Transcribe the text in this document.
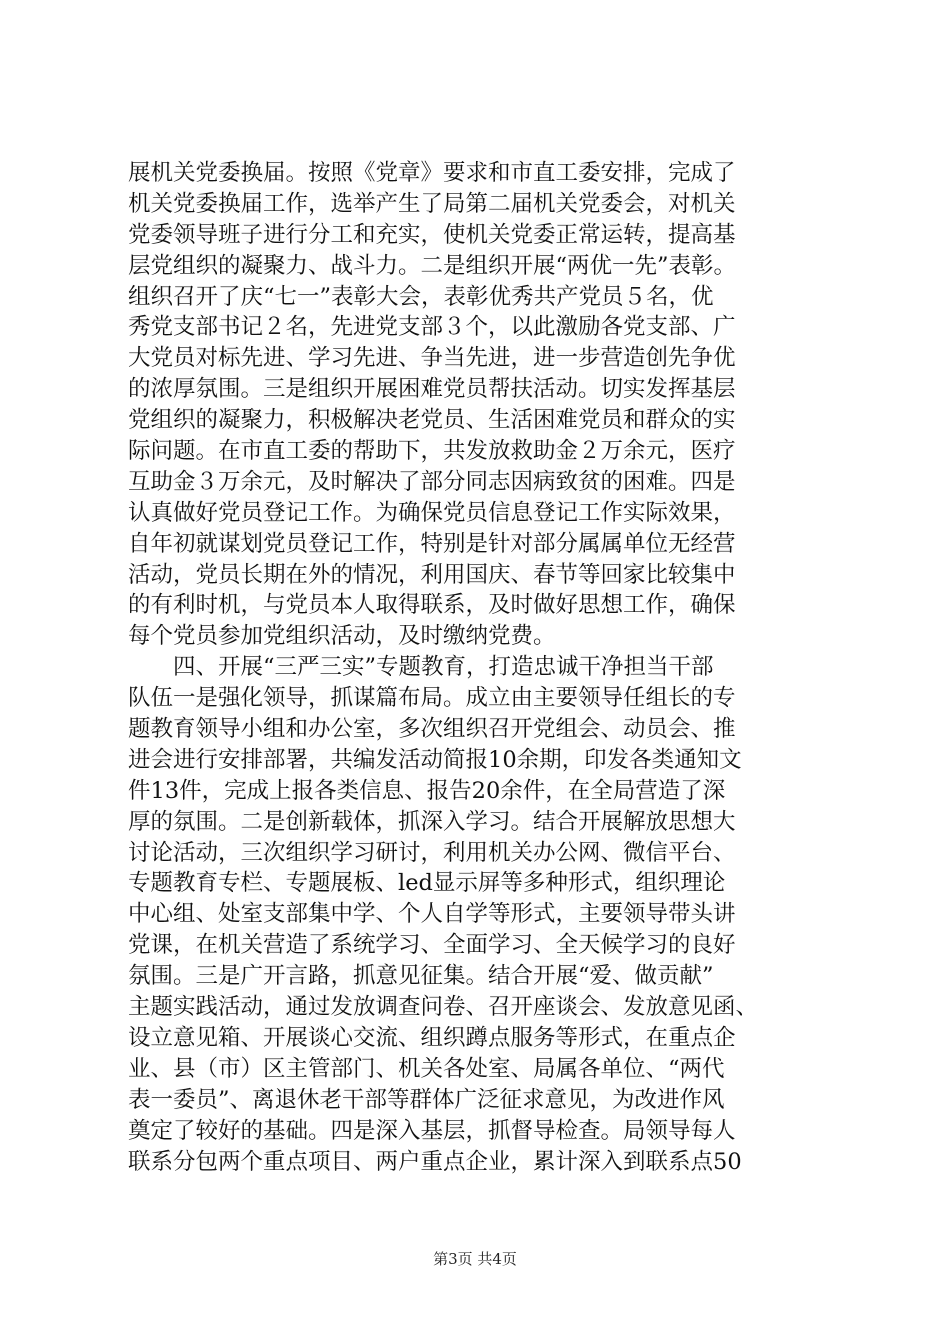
展机关党委换届。按照《党章》要求和市直工委安排，完成了
机关党委换届工作，选举产生了局第二届机关党委会，对机关
党委领导班子进行分工和充实，使机关党委正常运转，提高基
层党组织的凝聚力、战斗力。二是组织开展“两优一先”表彰。
组织召开了庆“七一”表彰大会，表彰优秀共产党员５名，优
秀党支部书记２名，先进党支部３个，以此激励各党支部、广
大党员对标先进、学习先进、争当先进，进一步营造创先争优
的浓厚氛围。三是组织开展困难党员帮扶活动。切实发挥基层
党组织的凝聚力，积极解决老党员、生活困难党员和群众的实
际问题。在市直工委的帮助下，共发放救助金２万余元，医疗
互助金３万余元，及时解决了部分同志因病致贫的困难。四是
认真做好党员登记工作。为确保党员信息登记工作实际效果，
自年初就谋划党员登记工作，特别是针对部分属属单位无经营
活动，党员长期在外的情况，利用国庆、春节等回家比较集中
的有利时机，与党员本人取得联系，及时做好思想工作，确保
每个党员参加党组织活动，及时缴纳党费。
　　四、开展“三严三实”专题教育，打造忠诚干净担当干部
队伍一是强化领导，抓谋篇布局。成立由主要领导任组长的专
题教育领导小组和办公室，多次组织召开党组会、动员会、推
进会进行安排部署，共编发活动简报10余期，印发各类通知文
件13件，完成上报各类信息、报告20余件，在全局营造了深
厚的氛围。二是创新载体，抓深入学习。结合开展解放思想大
讨论活动，三次组织学习研讨，利用机关办公网、微信平台、
专题教育专栏、专题展板、led显示屏等多种形式，组织理论
中心组、处室支部集中学、个人自学等形式，主要领导带头讲
党课，在机关营造了系统学习、全面学习、全天候学习的良好
氛围。三是广开言路，抓意见征集。结合开展“爱、做贡献”
主题实践活动，通过发放调查问卷、召开座谈会、发放意见函、
设立意见箱、开展谈心交流、组织蹲点服务等形式，在重点企
业、县（市）区主管部门、机关各处室、局属各单位、“两代
表一委员”、离退休老干部等群体广泛征求意见，为改进作风
奠定了较好的基础。四是深入基层，抓督导检查。局领导每人
联系分包两个重点项目、两户重点企业，累计深入到联系点50
第3页 共4页
